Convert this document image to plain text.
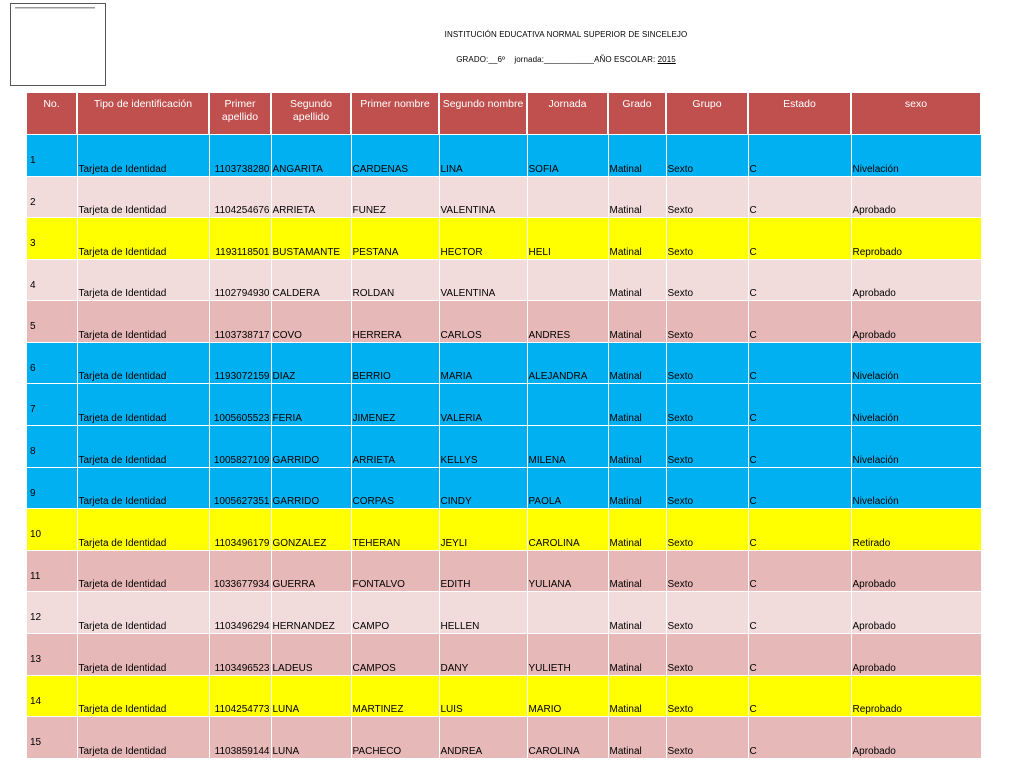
INSTITUCIÓN EDUCATIVA NORMAL SUPERIOR DE SINCELEJO
GRADO:__6º jornada:___________AÑO ESCOLAR: 2015
No.	Tipo de identificación	Primer apellido	Segundo apellido	Primer nombre	Segundo nombre	Jornada	Grado	Grupo	Estado	sexo
1	Tarjeta de Identidad	1103738280	ANGARITA	CARDENAS	LINA	SOFIA	Matinal	Sexto	C	Nivelación
2	Tarjeta de Identidad	1104254676	ARRIETA	FUNEZ	VALENTINA		Matinal	Sexto	C	Aprobado
3	Tarjeta de Identidad	1193118501	BUSTAMANTE	PESTANA	HECTOR	HELI	Matinal	Sexto	C	Reprobado
4	Tarjeta de Identidad	1102794930	CALDERA	ROLDAN	VALENTINA		Matinal	Sexto	C	Aprobado
5	Tarjeta de Identidad	1103738717	COVO	HERRERA	CARLOS	ANDRES	Matinal	Sexto	C	Aprobado
6	Tarjeta de Identidad	1193072159	DIAZ	BERRIO	MARIA	ALEJANDRA	Matinal	Sexto	C	Nivelación
7	Tarjeta de Identidad	1005605523	FERIA	JIMENEZ	VALERIA		Matinal	Sexto	C	Nivelación
8	Tarjeta de Identidad	1005827109	GARRIDO	ARRIETA	KELLYS	MILENA	Matinal	Sexto	C	Nivelación
9	Tarjeta de Identidad	1005627351	GARRIDO	CORPAS	CINDY	PAOLA	Matinal	Sexto	C	Nivelación
10	Tarjeta de Identidad	1103496179	GONZALEZ	TEHERAN	JEYLI	CAROLINA	Matinal	Sexto	C	Retirado
11	Tarjeta de Identidad	1033677934	GUERRA	FONTALVO	EDITH	YULIANA	Matinal	Sexto	C	Aprobado
12	Tarjeta de Identidad	1103496294	HERNANDEZ	CAMPO	HELLEN		Matinal	Sexto	C	Aprobado
13	Tarjeta de Identidad	1103496523	LADEUS	CAMPOS	DANY	YULIETH	Matinal	Sexto	C	Aprobado
14	Tarjeta de Identidad	1104254773	LUNA	MARTINEZ	LUIS	MARIO	Matinal	Sexto	C	Reprobado
15	Tarjeta de Identidad	1103859144	LUNA	PACHECO	ANDREA	CAROLINA	Matinal	Sexto	C	Aprobado
